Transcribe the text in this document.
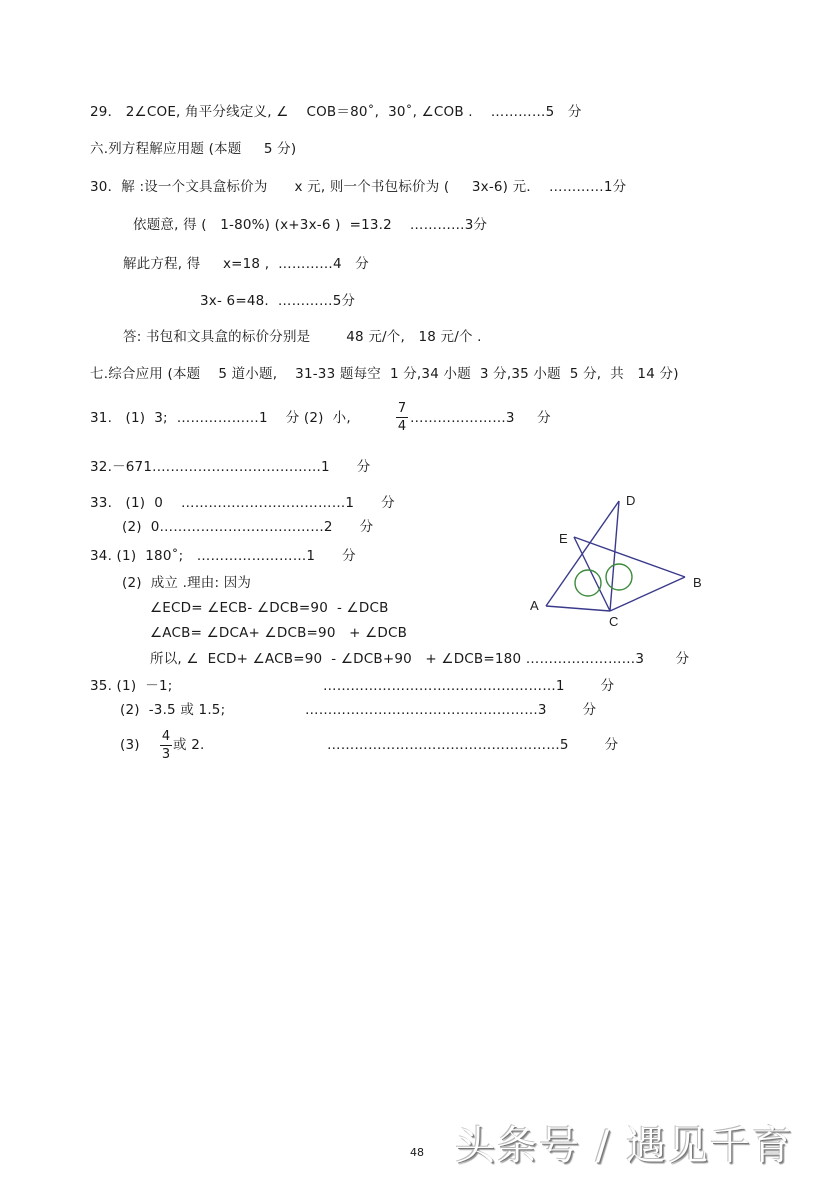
29． 2∠COE, 角平分线定义, ∠    COB＝80˚,  30˚, ∠COB .    …………5   分
六.列方程解应用题 (本题     5 分)
30．解 :设一个文具盒标价为      x 元, 则一个书包标价为 (     3x-6) 元．  …………1分
依题意, 得 (   1-80%) (x+3x-6 )  =13.2    …………3分
解此方程, 得     x=18 ,  …………4   分
3x- 6=48.  …………5分
答: 书包和文具盒的标价分别是        48 元/个,   18 元/个 .
七.综合应用 (本题    5 道小题,    31-33 题每空  1 分,34 小题  3 分,35 小题  5 分,  共   14 分)
31.   (1)  3;  ………………1    分 (2)  小,
7
4
…………………3     分
32.－671.………………………………1      分
33.   (1)  0    ………………………………1      分
(2)  0………………………………2      分
34. (1)  180˚;   ……………………1      分
(2)  成立 .理由: 因为
∠ECD= ∠ECB- ∠DCB=90  - ∠DCB
∠ACB= ∠DCA+ ∠DCB=90   + ∠DCB
所以, ∠  ECD+ ∠ACB=90  - ∠DCB+90   + ∠DCB=180 ……………………3       分
35. (1)  －1;	……………………………………………1        分
(2)  -3.5 或 1.5;	……………………………………………3        分
(3)
4
3
或 2.	……………………………………………5        分
D
E
A
B
C
48 头条号 / 遇见千育
